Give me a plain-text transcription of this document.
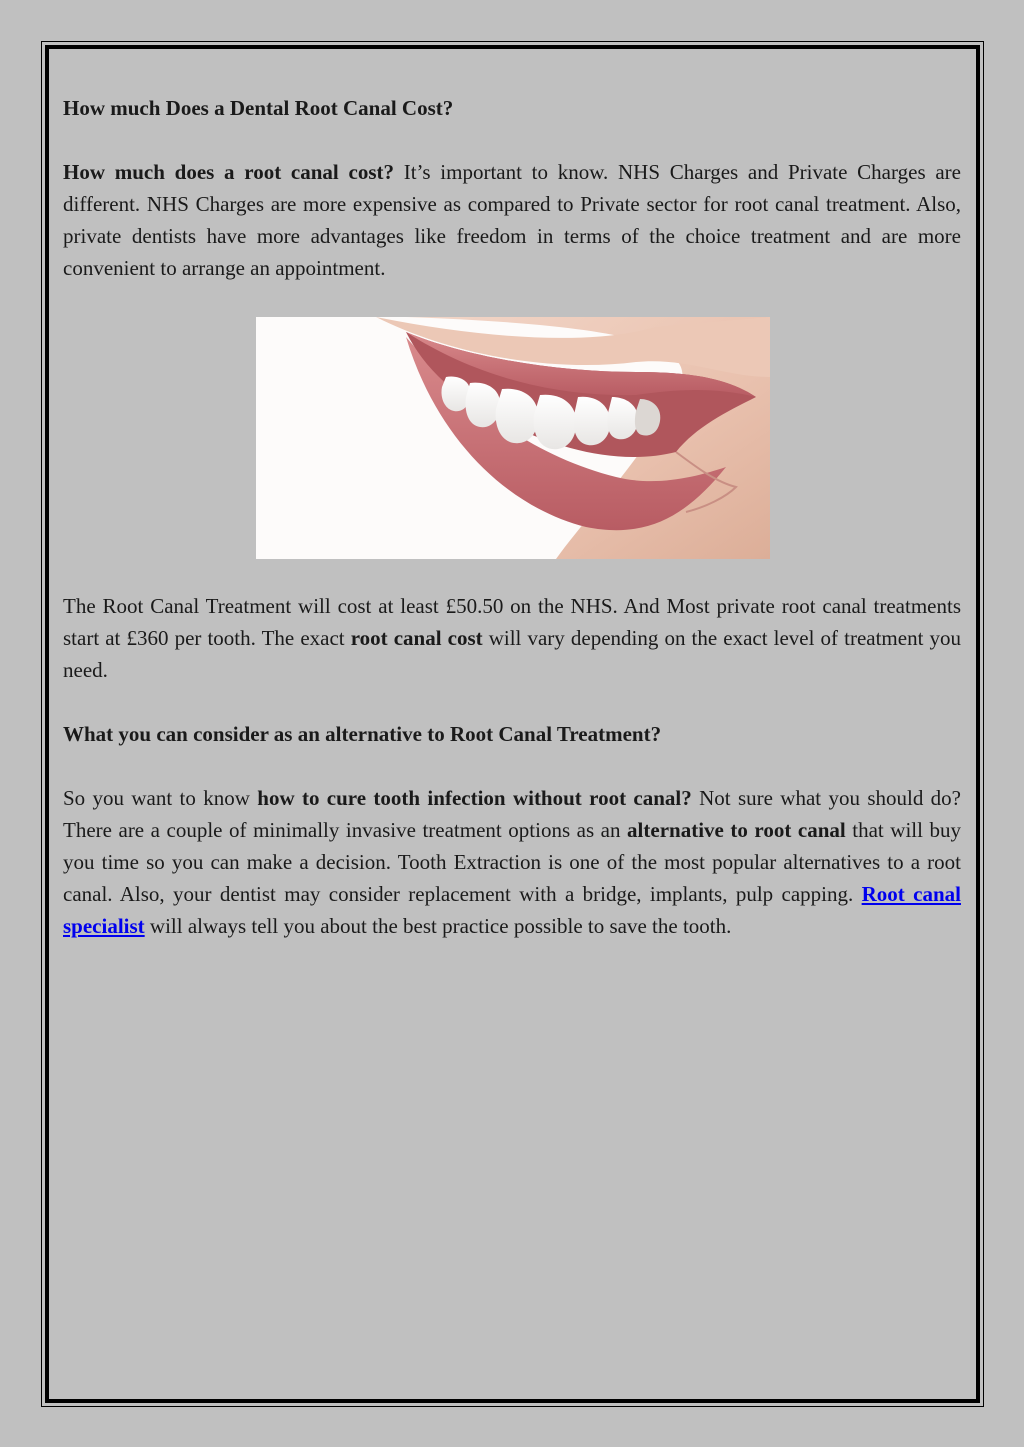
How much Does a Dental Root Canal Cost?

How much does a root canal cost? It’s important to know. NHS Charges and Private Charges are different. NHS Charges are more expensive as compared to Private sector for root canal treatment. Also, private dentists have more advantages like freedom in terms of the choice treatment and are more convenient to arrange an appointment.

The Root Canal Treatment will cost at least £50.50 on the NHS. And Most private root canal treatments start at £360 per tooth. The exact root canal cost will vary depending on the exact level of treatment you need.

What you can consider as an alternative to Root Canal Treatment?

So you want to know how to cure tooth infection without root canal? Not sure what you should do? There are a couple of minimally invasive treatment options as an alternative to root canal that will buy you time so you can make a decision. Tooth Extraction is one of the most popular alternatives to a root canal. Also, your dentist may consider replacement with a bridge, implants, pulp capping. Root canal specialist will always tell you about the best practice possible to save the tooth.
